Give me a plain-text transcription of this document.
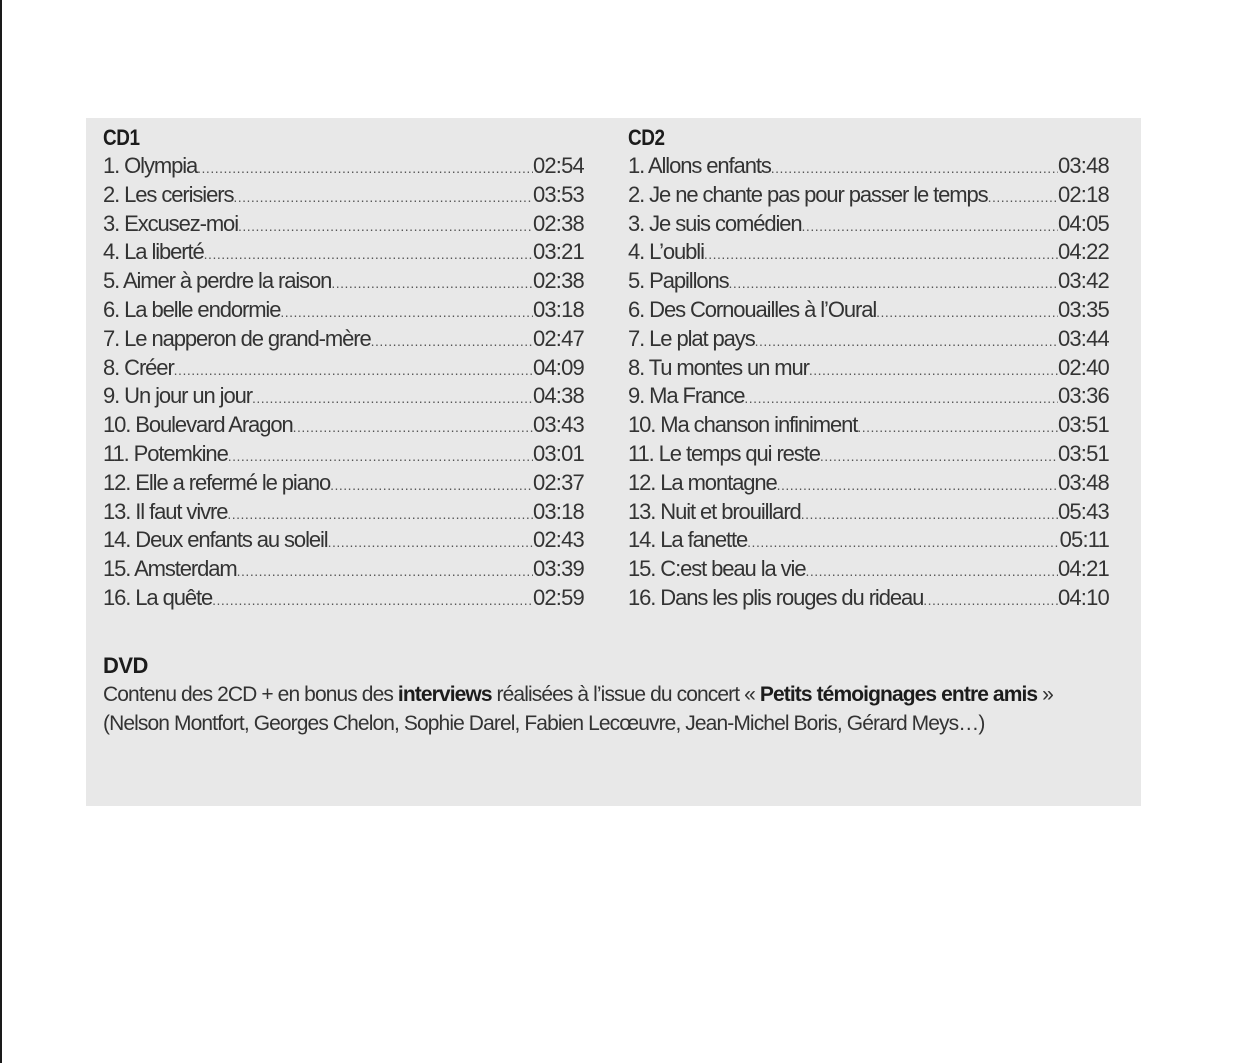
CD1
1. Olympia .....	02:54
2. Les cerisiers .....	03:53
3. Excusez-moi .....	02:38
4. La liberté .....	03:21
5. Aimer à perdre la raison .....	02:38
6. La belle endormie .....	03:18
7. Le napperon de grand-mère .....	02:47
8. Créer .....	04:09
9. Un jour un jour .....	04:38
10. Boulevard Aragon .....	03:43
11. Potemkine .....	03:01
12. Elle a refermé le piano .....	02:37
13. Il faut vivre .....	03:18
14. Deux enfants au soleil .....	02:43
15. Amsterdam .....	03:39
16. La quête .....	02:59
CD2
1. Allons enfants .....	03:48
2. Je ne chante pas pour passer le temps .....	02:18
3. Je suis comédien .....	04:05
4. L’oubli .....	04:22
5. Papillons .....	03:42
6. Des Cornouailles à l’Oural .....	03:35
7. Le plat pays .....	03:44
8. Tu montes un mur .....	02:40
9. Ma France .....	03:36
10. Ma chanson infiniment .....	03:51
11. Le temps qui reste .....	03:51
12. La montagne .....	03:48
13. Nuit et brouillard .....	05:43
14. La fanette .....	05:11
15. C:est beau la vie .....	04:21
16. Dans les plis rouges du rideau .....	04:10
DVD
Contenu des 2CD + en bonus des interviews réalisées à l’issue du concert « Petits témoignages entre amis »
(Nelson Montfort, Georges Chelon, Sophie Darel, Fabien Lecœuvre, Jean-Michel Boris, Gérard Meys…)
